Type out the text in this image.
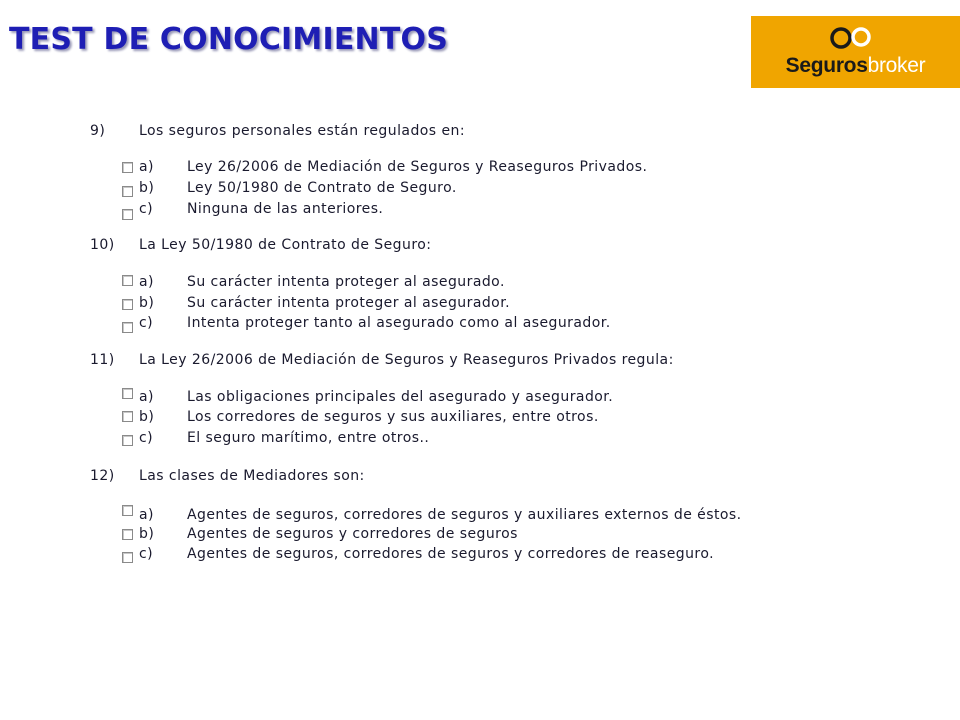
TEST DE CONOCIMIENTOS
Segurosbroker
9) Los seguros personales están regulados en:
a) Ley 26/2006 de Mediación de Seguros y Reaseguros Privados.
b) Ley 50/1980 de Contrato de Seguro.
c) Ninguna de las anteriores.
10) La Ley 50/1980 de Contrato de Seguro:
a) Su carácter intenta proteger al asegurado.
b) Su carácter intenta proteger al asegurador.
c) Intenta proteger tanto al asegurado como al asegurador.
11) La Ley 26/2006 de Mediación de Seguros y Reaseguros Privados regula:
a) Las obligaciones principales del asegurado y asegurador.
b) Los corredores de seguros y sus auxiliares, entre otros.
c) El seguro marítimo, entre otros..
12) Las clases de Mediadores son:
a) Agentes de seguros, corredores de seguros y auxiliares externos de éstos.
b) Agentes de seguros y corredores de seguros
c) Agentes de seguros, corredores de seguros y corredores de reaseguro.
